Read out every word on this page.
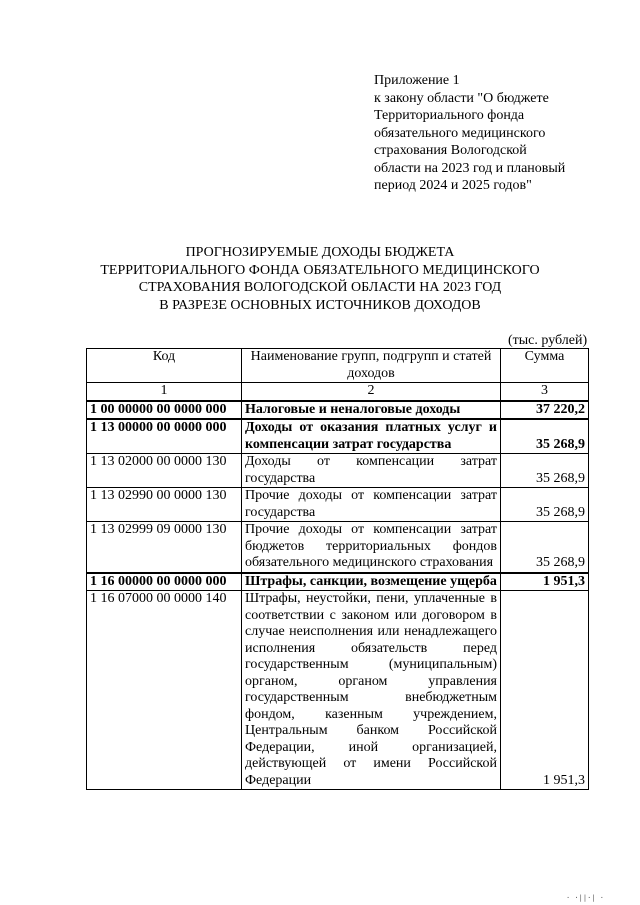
Приложение 1
к закону области "О бюджете
Территориального фонда
обязательного медицинского
страхования Вологодской
области на 2023 год и плановый
период 2024 и 2025 годов"
ПРОГНОЗИРУЕМЫЕ ДОХОДЫ БЮДЖЕТА
ТЕРРИТОРИАЛЬНОГО ФОНДА ОБЯЗАТЕЛЬНОГО МЕДИЦИНСКОГО
СТРАХОВАНИЯ ВОЛОГОДСКОЙ ОБЛАСТИ НА 2023 ГОД
В РАЗРЕЗЕ ОСНОВНЫХ ИСТОЧНИКОВ ДОХОДОВ
(тыс. рублей)
Код	Наименование групп, подгрупп и статей доходов	Сумма
1	2	3
1 00 00000 00 0000 000	Налоговые и неналоговые доходы	37 220,2
1 13 00000 00 0000 000	Доходы от оказания платных услуг и компенсации затрат государства	35 268,9
1 13 02000 00 0000 130	Доходы от компенсации затрат государства	35 268,9
1 13 02990 00 0000 130	Прочие доходы от компенсации затрат государства	35 268,9
1 13 02999 09 0000 130	Прочие доходы от компенсации затрат бюджетов территориальных фондов обязательного медицинского страхования	35 268,9
1 16 00000 00 0000 000	Штрафы, санкции, возмещение ущерба	1 951,3
1 16 07000 00 0000 140	Штрафы, неустойки, пени, уплаченные в соответствии с законом или договором в случае неисполнения или ненадлежащего исполнения обязательств перед государственным (муниципальным) органом, органом управления государственным внебюджетным фондом, казенным учреждением, Центральным банком Российской Федерации, иной организацией, действующей от имени Российской Федерации	1 951,3
· ·||·| ·
